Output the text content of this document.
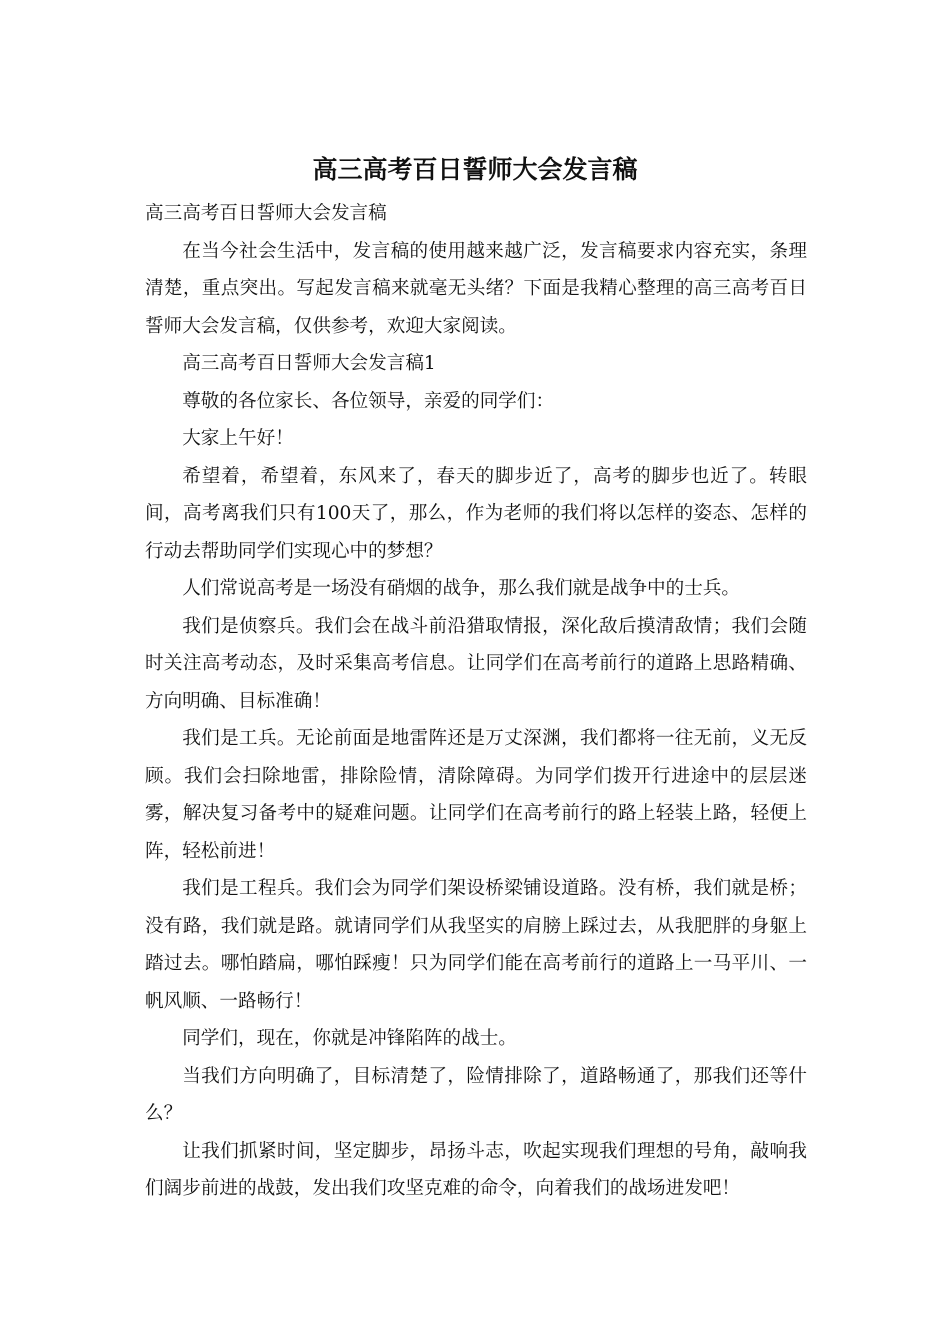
高三高考百日誓师大会发言稿

高三高考百日誓师大会发言稿

在当今社会生活中，发言稿的使用越来越广泛，发言稿要求内容充实，条理清楚，重点突出。写起发言稿来就毫无头绪？下面是我精心整理的高三高考百日誓师大会发言稿，仅供参考，欢迎大家阅读。

高三高考百日誓师大会发言稿1

尊敬的各位家长、各位领导，亲爱的同学们：

大家上午好！

希望着，希望着，东风来了，春天的脚步近了，高考的脚步也近了。转眼间，高考离我们只有100天了，那么，作为老师的我们将以怎样的姿态、怎样的行动去帮助同学们实现心中的梦想？

人们常说高考是一场没有硝烟的战争，那么我们就是战争中的士兵。

我们是侦察兵。我们会在战斗前沿猎取情报，深化敌后摸清敌情；我们会随时关注高考动态，及时采集高考信息。让同学们在高考前行的道路上思路精确、方向明确、目标准确！

我们是工兵。无论前面是地雷阵还是万丈深渊，我们都将一往无前，义无反顾。我们会扫除地雷，排除险情，清除障碍。为同学们拨开行进途中的层层迷雾，解决复习备考中的疑难问题。让同学们在高考前行的路上轻装上路，轻便上阵，轻松前进！

我们是工程兵。我们会为同学们架设桥梁铺设道路。没有桥，我们就是桥；没有路，我们就是路。就请同学们从我坚实的肩膀上踩过去，从我肥胖的身躯上踏过去。哪怕踏扁，哪怕踩瘦！只为同学们能在高考前行的道路上一马平川、一帆风顺、一路畅行！

同学们，现在，你就是冲锋陷阵的战士。

当我们方向明确了，目标清楚了，险情排除了，道路畅通了，那我们还等什么？

让我们抓紧时间，坚定脚步，昂扬斗志，吹起实现我们理想的号角，敲响我们阔步前进的战鼓，发出我们攻坚克难的命令，向着我们的战场进发吧！
